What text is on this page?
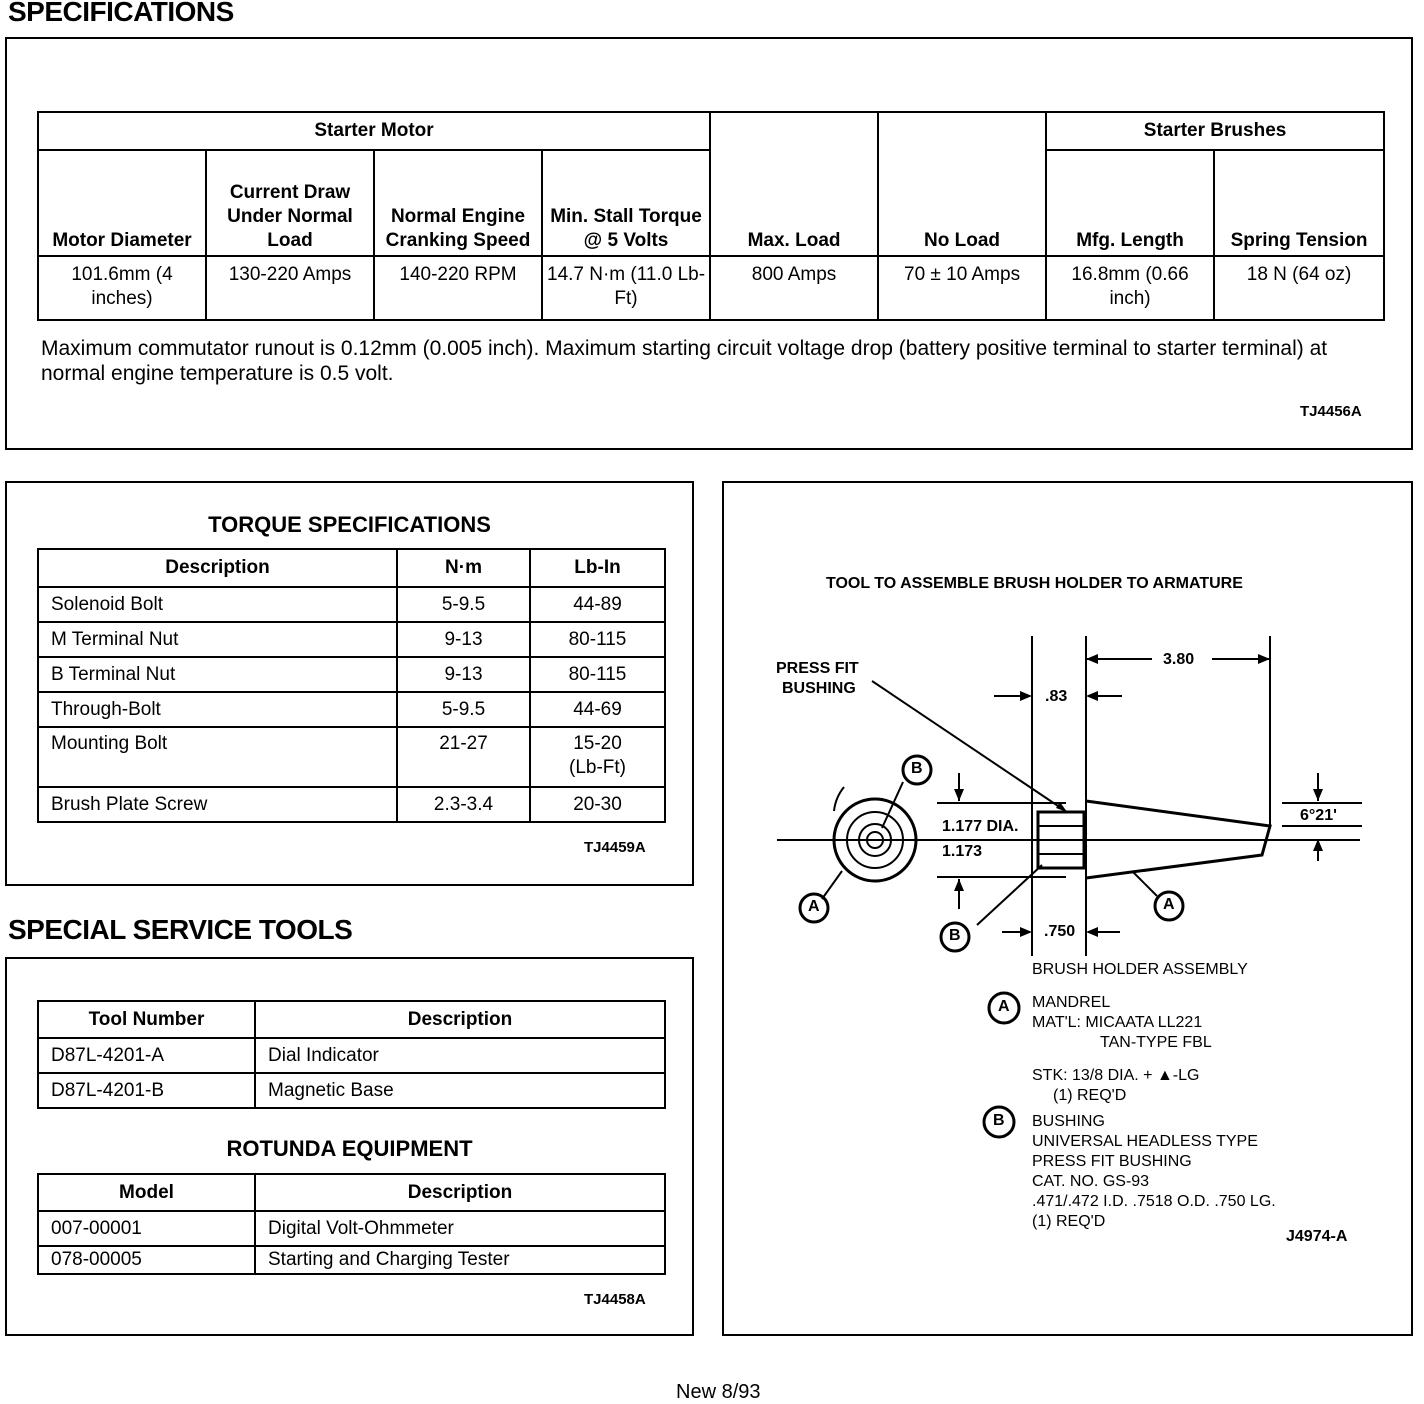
SPECIFICATIONS
Starter Motor				Max. Load	No Load	Starter Brushes	
Motor Diameter	Current Draw Under Normal Load	Normal Engine Cranking Speed	Min. Stall Torque @ 5 Volts			Mfg. Length	Spring Tension
101.6mm (4 inches)	130-220 Amps	140-220 RPM	14.7 N·m (11.0 Lb-Ft)	800 Amps	70 ± 10 Amps	16.8mm (0.66 inch)	18 N (64 oz)
Maximum commutator runout is 0.12mm (0.005 inch). Maximum starting circuit voltage drop (battery positive terminal to starter terminal) at normal engine temperature is 0.5 volt.
TJ4456A
TORQUE SPECIFICATIONS
Description	N·m	Lb-In
Solenoid Bolt	5-9.5	44-89
M Terminal Nut	9-13	80-115
B Terminal Nut	9-13	80-115
Through-Bolt	5-9.5	44-69
Mounting Bolt	21-27	15-20 (Lb-Ft)
Brush Plate Screw	2.3-3.4	20-30
TJ4459A
SPECIAL SERVICE TOOLS
Tool Number	Description
D87L-4201-A	Dial Indicator
D87L-4201-B	Magnetic Base
ROTUNDA EQUIPMENT
Model	Description
007-00001	Digital Volt-Ohmmeter
078-00005	Starting and Charging Tester
TJ4458A
TOOL TO ASSEMBLE BRUSH HOLDER TO ARMATURE
PRESS FIT
BUSHING
3.80
.83
1.177 DIA.
1.173
6°21'
.750
B
A
B
A
BRUSH HOLDER ASSEMBLY
A MANDREL
MAT'L: MICAATA LL221
TAN-TYPE FBL
STK: 13/8 DIA. + ▲-LG
(1) REQ'D
B BUSHING
UNIVERSAL HEADLESS TYPE
PRESS FIT BUSHING
CAT. NO. GS-93
.471/.472 I.D. .7518 O.D. .750 LG.
(1) REQ'D
J4974-A
New 8/93
